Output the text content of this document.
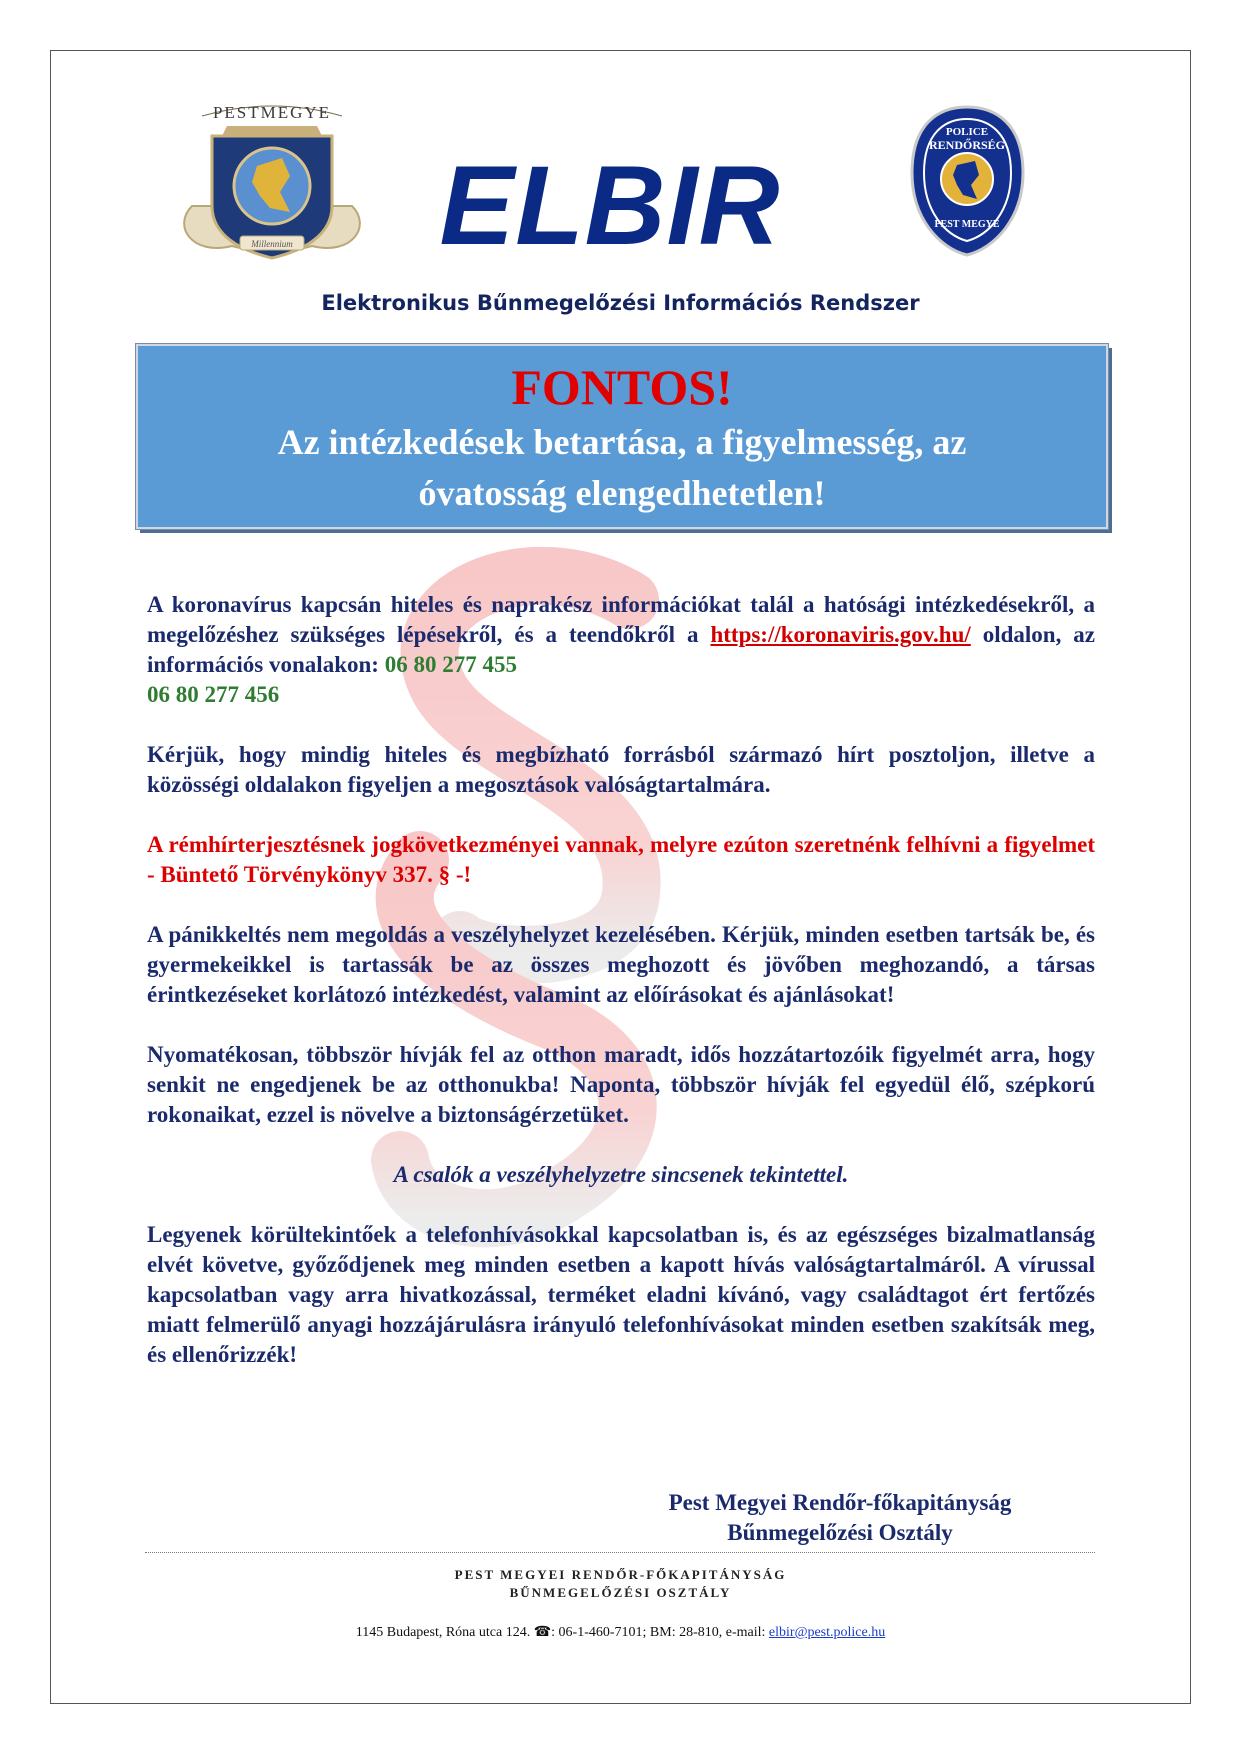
PESTMEGYE
Millennium
POLICE
RENDŐRSÉG
PEST MEGYE
ELBIR
Elektronikus Bűnmegelőzési Információs Rendszer
FONTOS!
Az intézkedések betartása, a figyelmesség, az
óvatosság elengedhetetlen!

A koronavírus kapcsán hiteles és naprakész információkat talál a hatósági intézkedésekről, a megelőzéshez szükséges lépésekről, és a teendőkről a https://koronaviris.gov.hu/ oldalon, az információs vonalakon: 06 80 277 455

06 80 277 456

Kérjük, hogy mindig hiteles és megbízható forrásból származó hírt posztoljon, illetve a közösségi oldalakon figyeljen a megosztások valóságtartalmára.

A rémhírterjesztésnek jogkövetkezményei vannak, melyre ezúton szeretnénk felhívni a figyelmet - Büntető Törvénykönyv 337. § -!

A pánikkeltés nem megoldás a veszélyhelyzet kezelésében. Kérjük, minden esetben tartsák be, és gyermekeikkel is tartassák be az összes meghozott és jövőben meghozandó, a társas érintkezéseket korlátozó intézkedést, valamint az előírásokat és ajánlásokat!

Nyomatékosan, többször hívják fel az otthon maradt, idős hozzátartozóik figyelmét arra, hogy senkit ne engedjenek be az otthonukba! Naponta, többször hívják fel egyedül élő, szépkorú rokonaikat, ezzel is növelve a biztonságérzetüket.

A csalók a veszélyhelyzetre sincsenek tekintettel.

Legyenek körültekintőek a telefonhívásokkal kapcsolatban is, és az egészséges bizalmatlanság elvét követve, győződjenek meg minden esetben a kapott hívás valóságtartalmáról. A vírussal kapcsolatban vagy arra hivatkozással, terméket eladni kívánó, vagy családtagot ért fertőzés miatt felmerülő anyagi hozzájárulásra irányuló telefonhívásokat minden esetben szakítsák meg, és ellenőrizzék!

Pest Megyei Rendőr-főkapitányság
Bűnmegelőzési Osztály
PEST MEGYEI RENDŐR-FŐKAPITÁNYSÁG
BŰNMEGELŐZÉSI OSZTÁLY
1145 Budapest, Róna utca 124. ☎: 06-1-460-7101; BM: 28-810, e-mail: elbir@pest.police.hu
